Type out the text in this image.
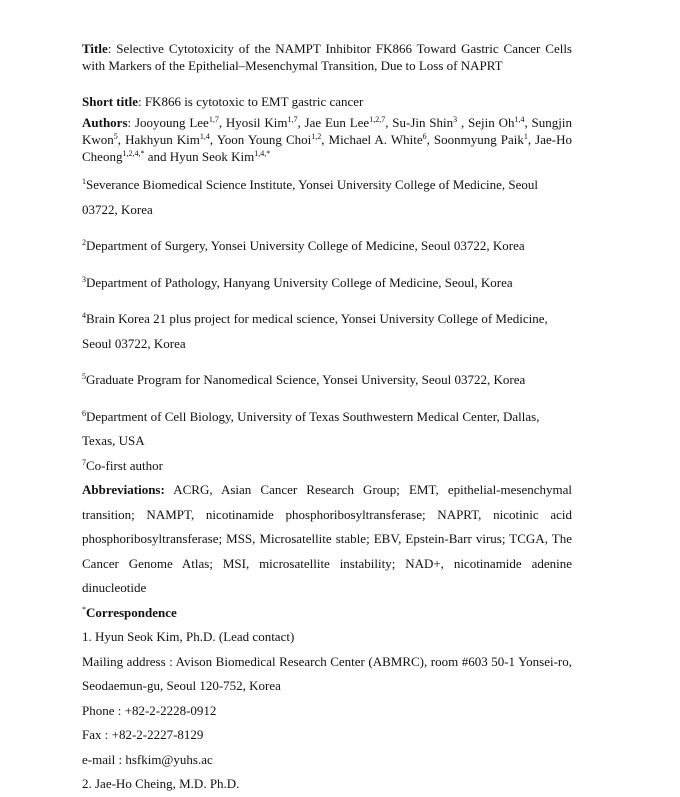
Title: Selective Cytotoxicity of the NAMPT Inhibitor FK866 Toward Gastric Cancer Cells with Markers of the Epithelial–Mesenchymal Transition, Due to Loss of NAPRT
Short title: FK866 is cytotoxic to EMT gastric cancer
Authors: Jooyoung Lee$^{1,7}$, Hyosil Kim$^{1,7}$, Jae Eun Lee$^{1,2,7}$, Su-Jin Shin$^3$ , Sejin Oh$^{1,4}$, Sungjin Kwon$^5$, Hakhyun Kim$^{1,4}$, Yoon Young Choi$^{1,2}$, Michael A. White$^6$, Soonmyung Paik$^1$, Jae-Ho Cheong$^{1,2,4,*}$ and Hyun Seok Kim$^{1,4,*}$
$^1$Severance Biomedical Science Institute, Yonsei University College of Medicine, Seoul 03722, Korea
$^2$Department of Surgery, Yonsei University College of Medicine, Seoul 03722, Korea
$^3$Department of Pathology, Hanyang University College of Medicine, Seoul, Korea
$^4$Brain Korea 21 plus project for medical science, Yonsei University College of Medicine, Seoul 03722, Korea
$^5$Graduate Program for Nanomedical Science, Yonsei University, Seoul 03722, Korea
$^6$Department of Cell Biology, University of Texas Southwestern Medical Center, Dallas, Texas, USA
$^7$Co-first author
Abbreviations: ACRG, Asian Cancer Research Group; EMT, epithelial-mesenchymal transition; NAMPT, nicotinamide phosphoribosyltransferase; NAPRT, nicotinic acid phosphoribosyltransferase; MSS, Microsatellite stable; EBV, Epstein-Barr virus; TCGA, The Cancer Genome Atlas; MSI, microsatellite instability; NAD+, nicotinamide adenine dinucleotide
*Correspondence
1. Hyun Seok Kim, Ph.D. (Lead contact)
Mailing address : Avison Biomedical Research Center (ABMRC), room #603 50-1 Yonsei-ro, Seodaemun-gu, Seoul 120-752, Korea
Phone : +82-2-2228-0912
Fax : +82-2-2227-8129
e-mail : hsfkim@yuhs.ac
2. Jae-Ho Cheing, M.D. Ph.D.
